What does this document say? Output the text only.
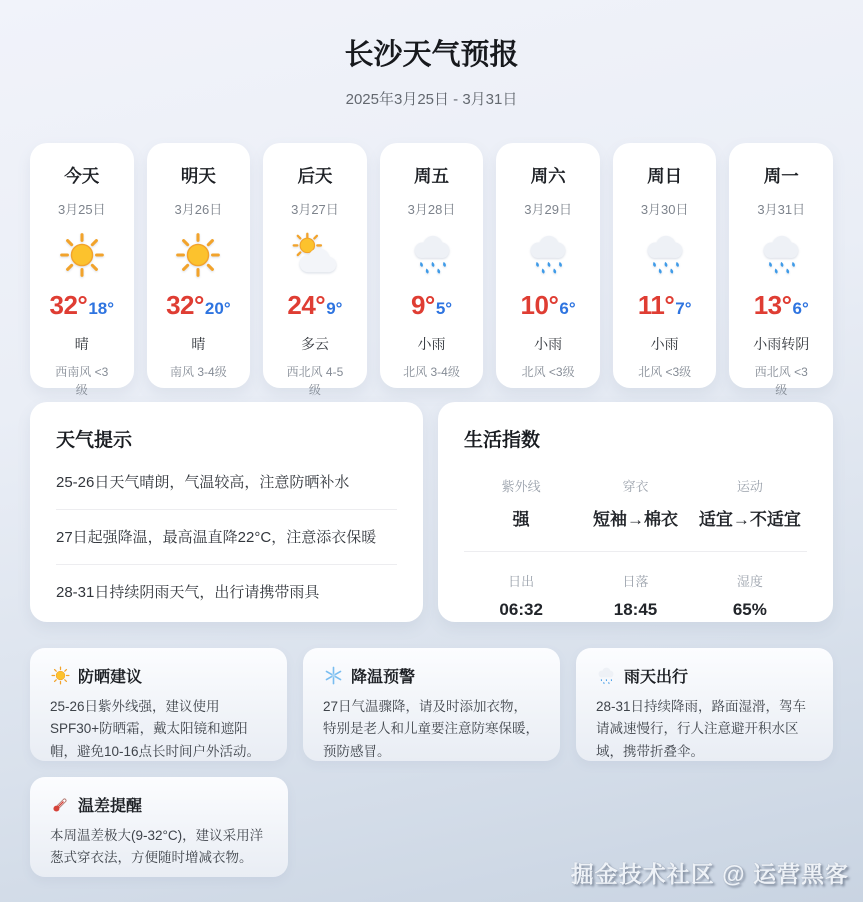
长沙天气预报
2025年3月25日 - 3月31日
今天
3月25日
32° 18°
晴
西南风 <3级
明天
3月26日
32° 20°
晴
南风 3-4级
后天
3月27日
24° 9°
多云
西北风 4-5级
周五
3月28日
9° 5°
小雨
北风 3-4级
周六
3月29日
10° 6°
小雨
北风 <3级
周日
3月30日
11° 7°
小雨
北风 <3级
周一
3月31日
13° 6°
小雨转阴
西北风 <3级
天气提示
25-26日天气晴朗，气温较高，注意防晒补水
27日起强降温，最高温直降22°C，注意添衣保暖
28-31日持续阴雨天气，出行请携带雨具
生活指数
紫外线
强
穿衣
短袖→棉衣
运动
适宜→不适宜
日出
06:32
日落
18:45
湿度
65%
防晒建议
25-26日紫外线强，建议使用SPF30+防晒霜，戴太阳镜和遮阳帽，避免10-16点长时间户外活动。
降温预警
27日气温骤降，请及时添加衣物，特别是老人和儿童要注意防寒保暖，预防感冒。
雨天出行
28-31日持续降雨，路面湿滑，驾车请减速慢行，行人注意避开积水区域，携带折叠伞。
温差提醒
本周温差极大(9-32°C)，建议采用洋葱式穿衣法，方便随时增减衣物。
掘金技术社区 @ 运营黑客
